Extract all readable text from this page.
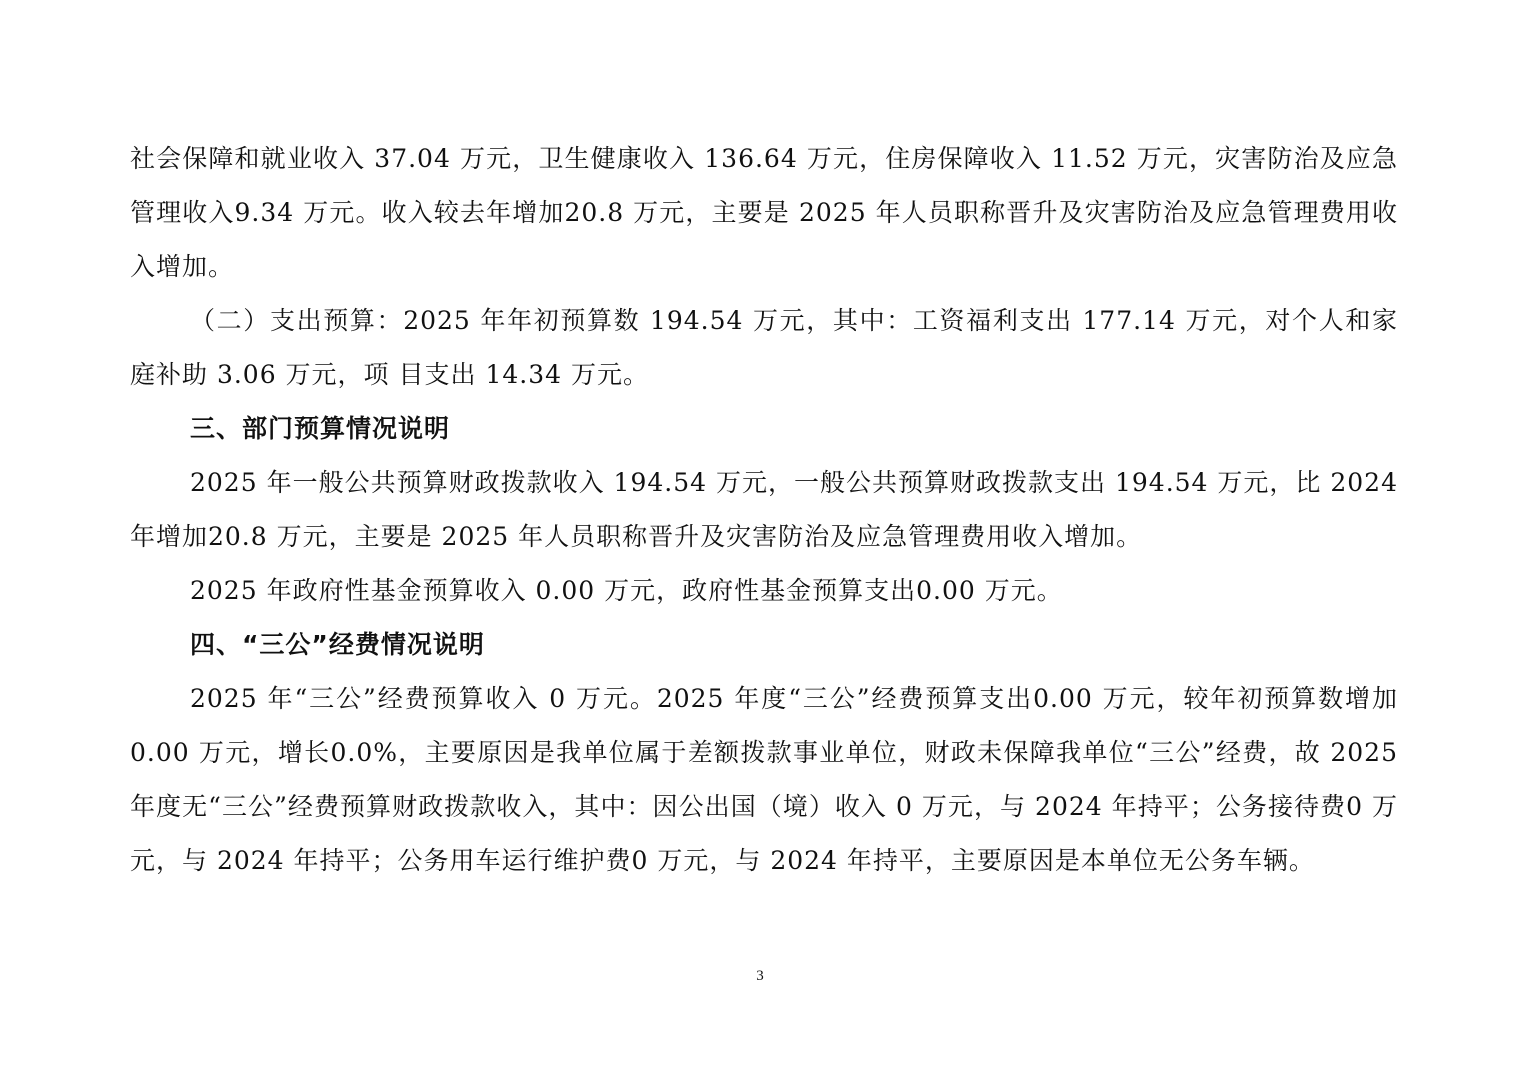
社会保障和就业收入 37.04 万元，卫生健康收入 136.64 万元，住房保障收入 11.52 万元，灾害防治及应急管理收入9.34 万元。收入较去年增加20.8 万元，主要是 2025 年人员职称晋升及灾害防治及应急管理费用收入增加。

（二）支出预算：2025 年年初预算数 194.54 万元，其中：工资福利支出 177.14 万元，对个人和家庭补助 3.06 万元，项 目支出 14.34 万元。

三、部门预算情况说明

2025 年一般公共预算财政拨款收入 194.54 万元，一般公共预算财政拨款支出 194.54 万元，比 2024 年增加20.8 万元，主要是 2025 年人员职称晋升及灾害防治及应急管理费用收入增加。

2025 年政府性基金预算收入 0.00 万元，政府性基金预算支出0.00 万元。

四、“三公”经费情况说明

2025 年“三公”经费预算收入 0 万元。2025 年度“三公”经费预算支出0.00 万元，较年初预算数增加0.00 万元，增长0.0%，主要原因是我单位属于差额拨款事业单位，财政未保障我单位“三公”经费，故 2025 年度无“三公”经费预算财政拨款收入，其中：因公出国（境）收入 0 万元，与 2024 年持平；公务接待费0 万元，与 2024 年持平；公务用车运行维护费0 万元，与 2024 年持平，主要原因是本单位无公务车辆。

3
